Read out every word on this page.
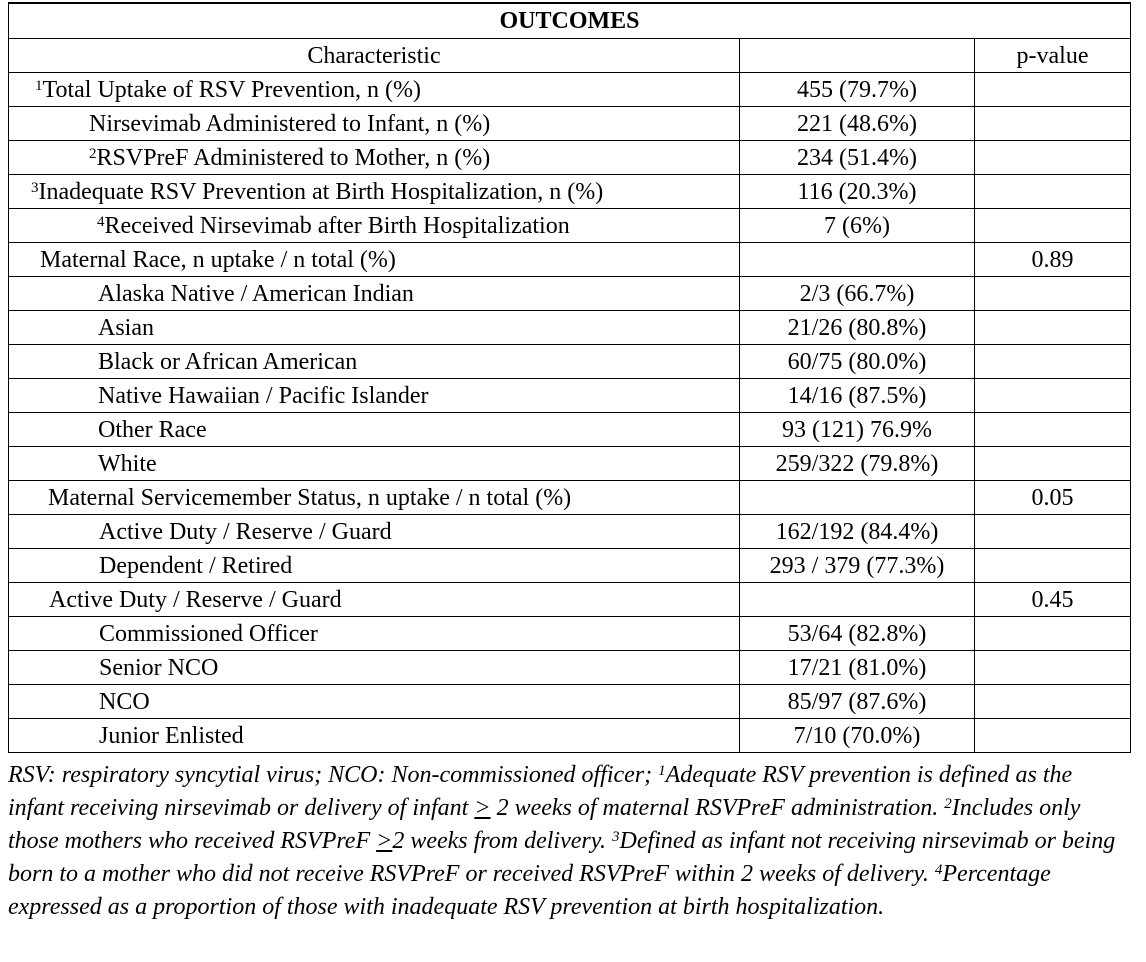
OUTCOMES		
Characteristic		p-value
$^1$Total Uptake of RSV Prevention, n (%)	455 (79.7%)	
Nirsevimab Administered to Infant, n (%)	221 (48.6%)	
$^2$RSVPreF Administered to Mother, n (%)	234 (51.4%)	
$^3$Inadequate RSV Prevention at Birth Hospitalization, n (%)	116 (20.3%)	
$^4$Received Nirsevimab after Birth Hospitalization	7 (6%)	
Maternal Race, n uptake / n total (%)		0.89
Alaska Native / American Indian	2/3 (66.7%)	
Asian	21/26 (80.8%)	
Black or African American	60/75 (80.0%)	
Native Hawaiian / Pacific Islander	14/16 (87.5%)	
Other Race	93 (121) 76.9%	
White	259/322 (79.8%)	
Maternal Servicemember Status, n uptake / n total (%)		0.05
Active Duty / Reserve / Guard	162/192 (84.4%)	
Dependent / Retired	293 / 379 (77.3%)	
Active Duty / Reserve / Guard		0.45
Commissioned Officer	53/64 (82.8%)	
Senior NCO	17/21 (81.0%)	
NCO	85/97 (87.6%)	
Junior Enlisted	7/10 (70.0%)	
RSV: respiratory syncytial virus; NCO: Non-commissioned officer; $^1$Adequate RSV prevention is defined as the infant receiving nirsevimab or delivery of infant ≥ 2 weeks of maternal RSVPreF administration. $^2$Includes only those mothers who received RSVPreF ≥2 weeks from delivery. $^3$Defined as infant not receiving nirsevimab or being born to a mother who did not receive RSVPreF or received RSVPreF within 2 weeks of delivery. $^4$Percentage expressed as a proportion of those with inadequate RSV prevention at birth hospitalization.
